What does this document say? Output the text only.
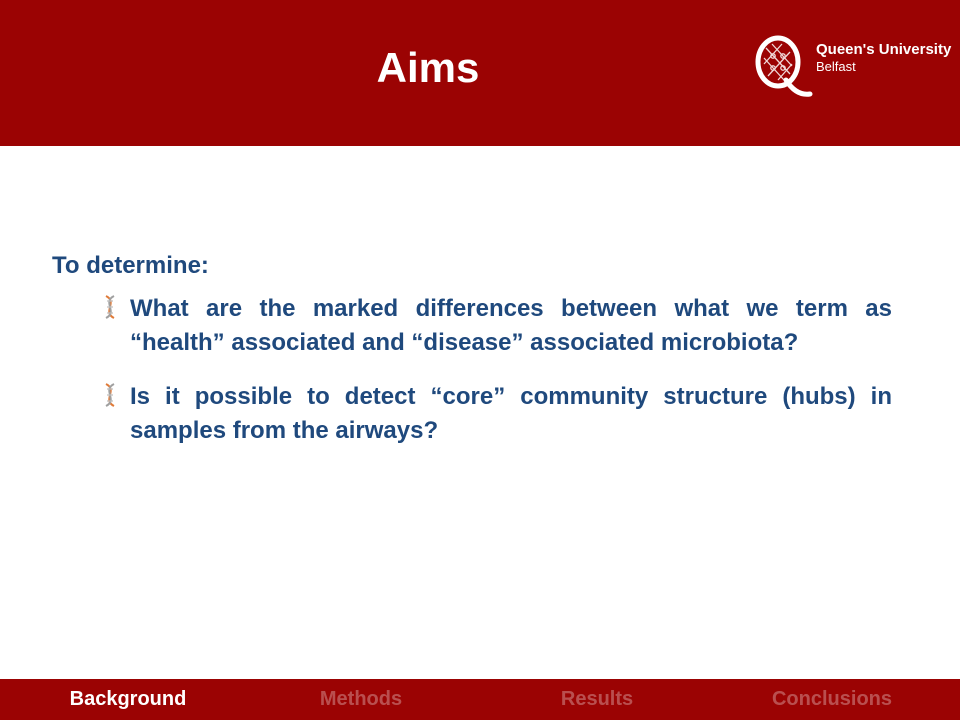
Aims	Queen's University
Belfast
To determine:
What are the marked differences between what we term as “health” associated and “disease” associated microbiota?
Is it possible to detect “core” community structure (hubs) in samples from the airways?
Background	Methods	Results	Conclusions
